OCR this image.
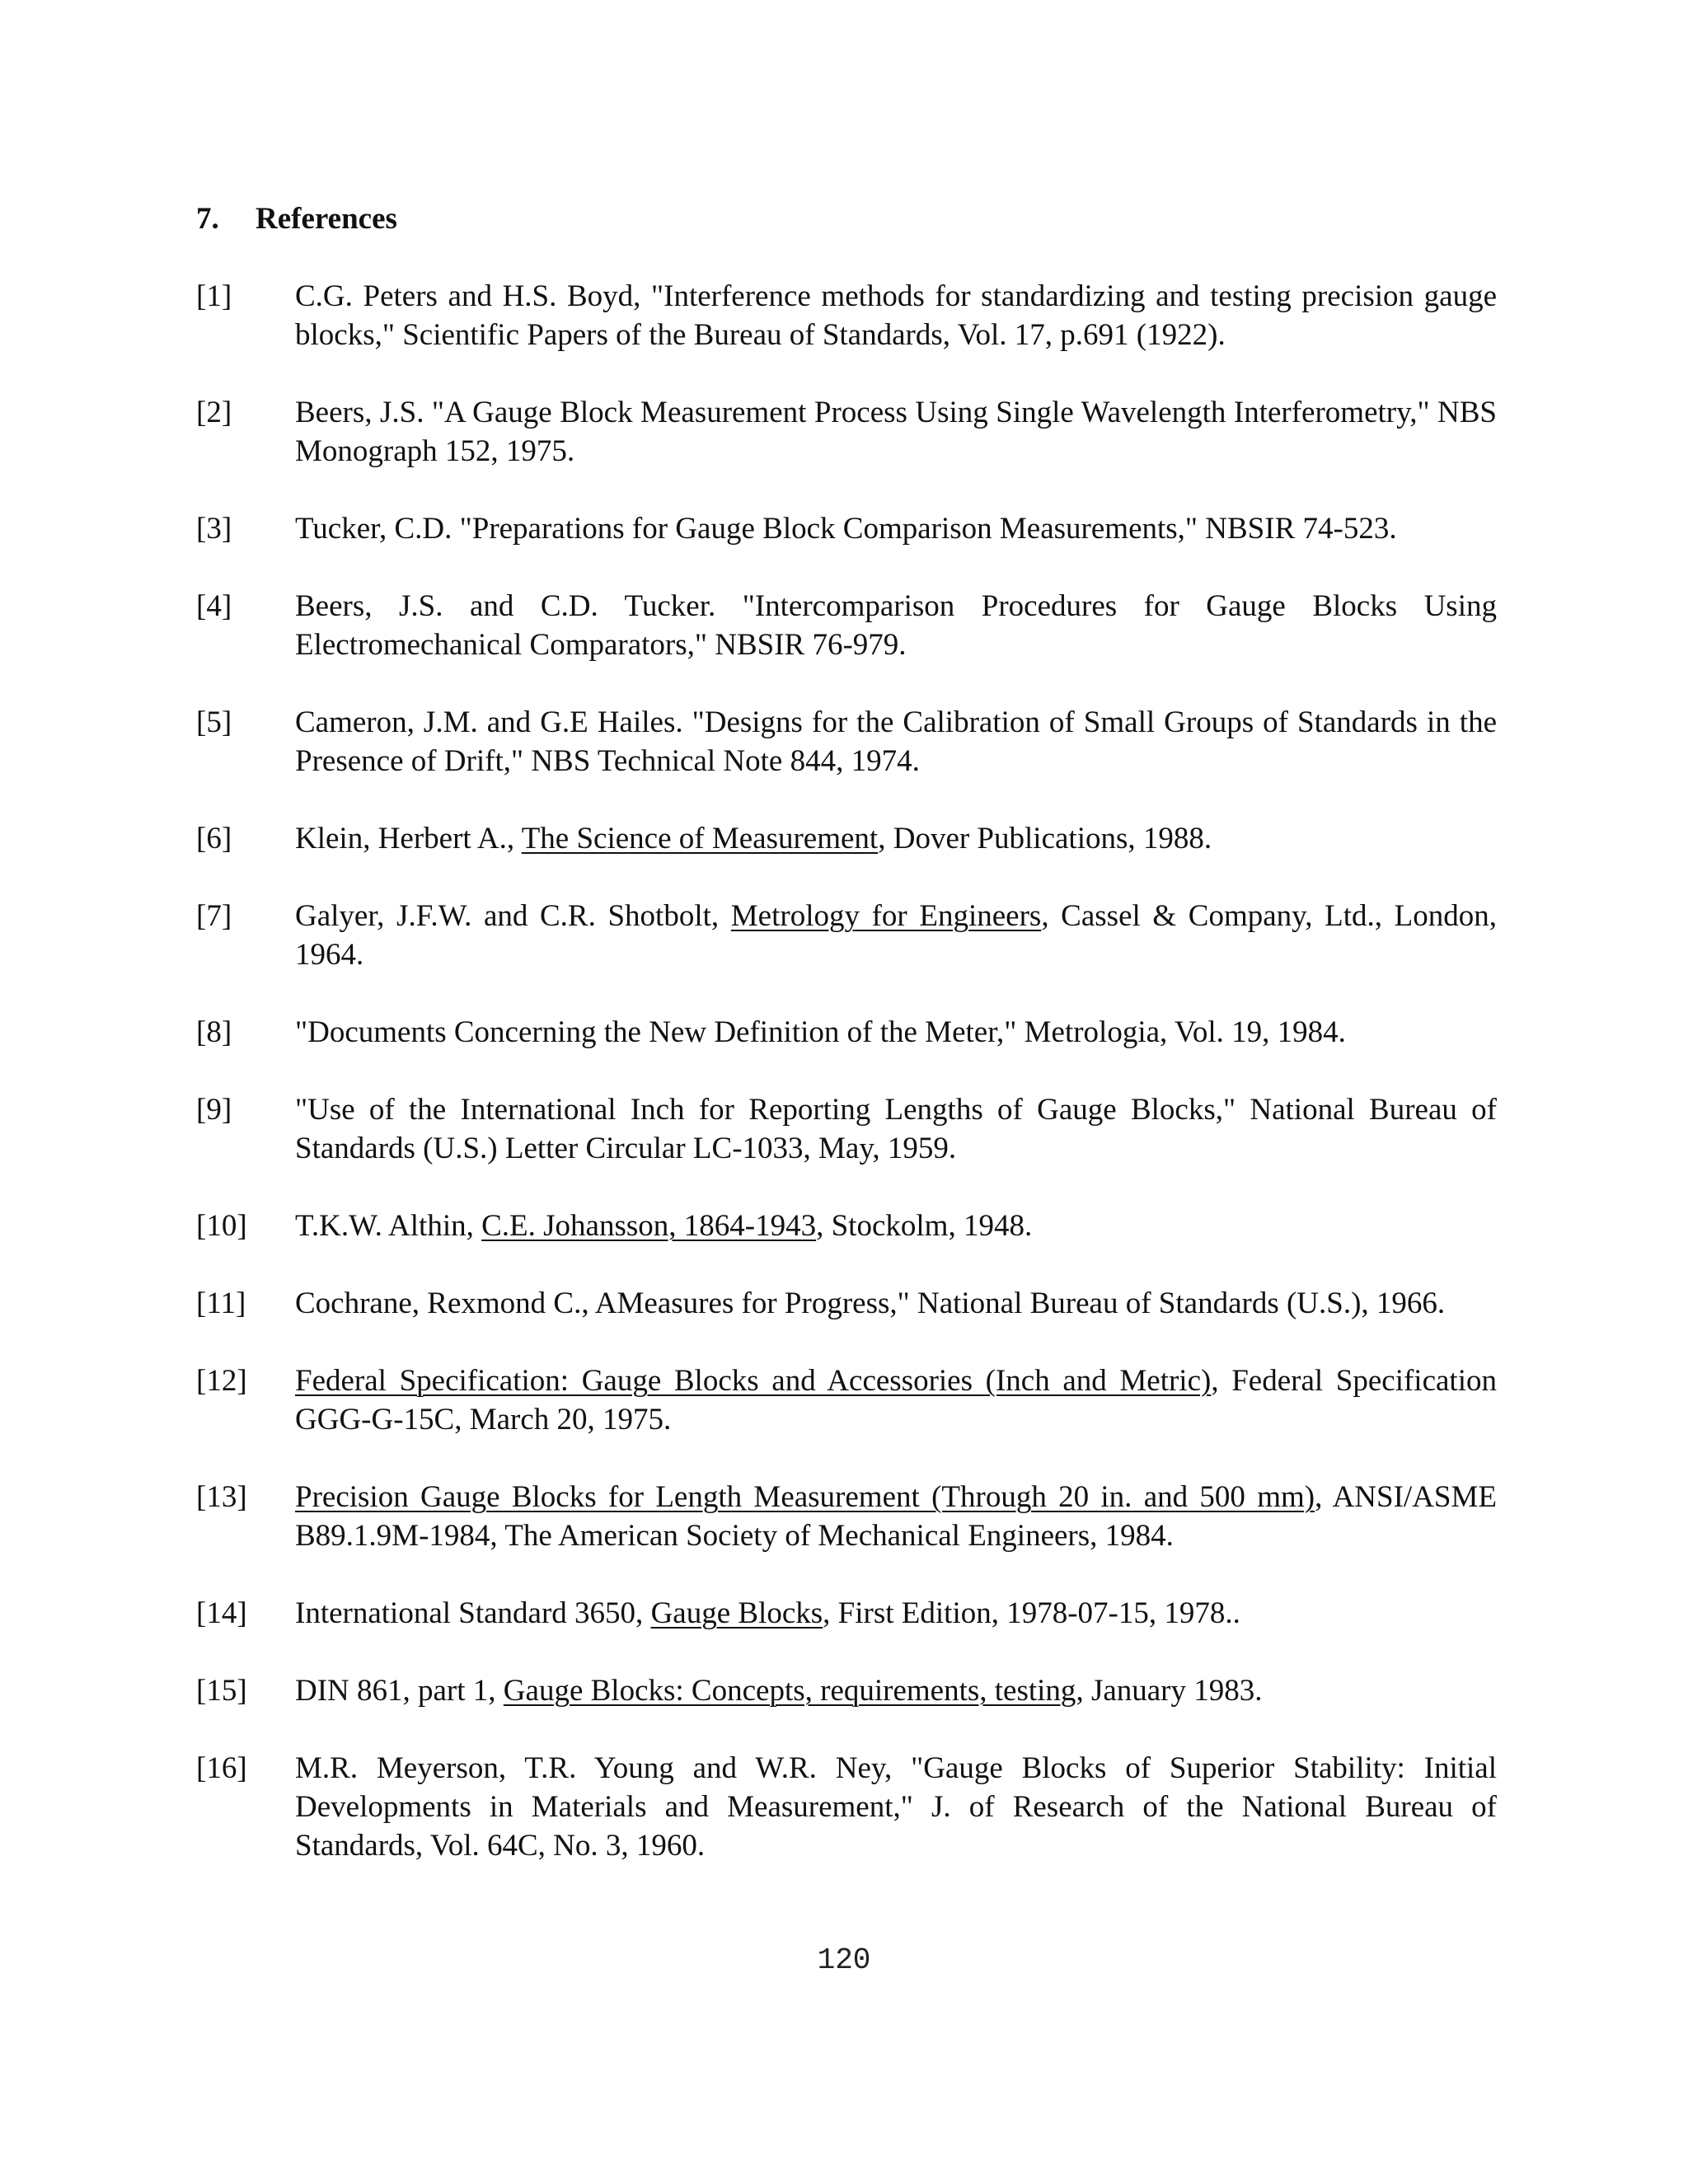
7. References
[1]	C.G. Peters and H.S. Boyd, "Interference methods for standardizing and testing precision gauge blocks," Scientific Papers of the Bureau of Standards, Vol. 17, p.691 (1922).
[2]	Beers, J.S. "A Gauge Block Measurement Process Using Single Wavelength Interferometry," NBS Monograph 152, 1975.
[3]	Tucker, C.D. "Preparations for Gauge Block Comparison Measurements," NBSIR 74-523.
[4]	Beers, J.S. and C.D. Tucker. "Intercomparison Procedures for Gauge Blocks Using Electromechanical Comparators," NBSIR 76-979.
[5]	Cameron, J.M. and G.E Hailes. "Designs for the Calibration of Small Groups of Standards in the Presence of Drift," NBS Technical Note 844, 1974.
[6]	Klein, Herbert A., The Science of Measurement, Dover Publications, 1988.
[7]	Galyer, J.F.W. and C.R. Shotbolt, Metrology for Engineers, Cassel & Company, Ltd., London, 1964.
[8]	"Documents Concerning the New Definition of the Meter," Metrologia, Vol. 19, 1984.
[9]	"Use of the International Inch for Reporting Lengths of Gauge Blocks," National Bureau of Standards (U.S.) Letter Circular LC-1033, May, 1959.
[10]	T.K.W. Althin, C.E. Johansson, 1864-1943, Stockolm, 1948.
[11]	Cochrane, Rexmond C., AMeasures for Progress," National Bureau of Standards (U.S.), 1966.
[12]	Federal Specification: Gauge Blocks and Accessories (Inch and Metric), Federal Specification GGG-G-15C, March 20, 1975.
[13]	Precision Gauge Blocks for Length Measurement (Through 20 in. and 500 mm), ANSI/ASME B89.1.9M-1984, The American Society of Mechanical Engineers, 1984.
[14]	International Standard 3650, Gauge Blocks, First Edition, 1978-07-15, 1978..
[15]	DIN 861, part 1, Gauge Blocks: Concepts, requirements, testing, January 1983.
[16]	M.R. Meyerson, T.R. Young and W.R. Ney, "Gauge Blocks of Superior Stability: Initial Developments in Materials and Measurement," J. of Research of the National Bureau of Standards, Vol. 64C, No. 3, 1960.
120
